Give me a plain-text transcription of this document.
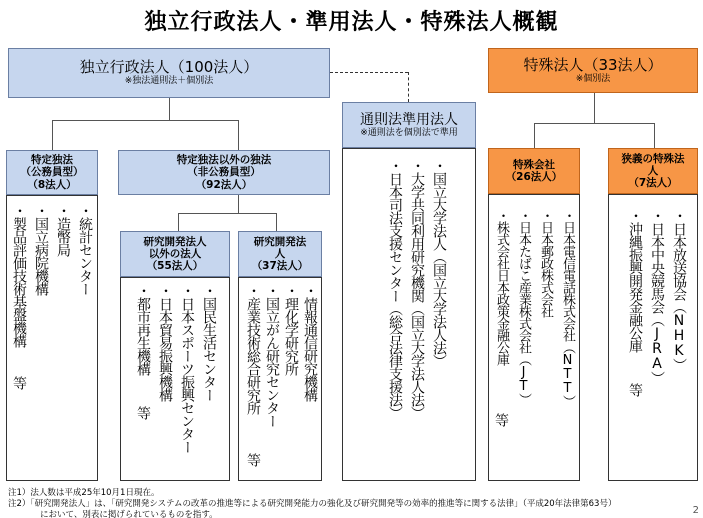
独立行政法人・準用法人・特殊法人概観
独立行政法人（100法人）
※独法通則法＋個別法
特定独法
（公務員型）
（8法人）
・統計センター
・造幣局
・国立病院機構
・製品評価技術基盤機構
等
特定独法以外の独法
（非公務員型）
（92法人）
研究開発法人
以外の法人
（55法人）
・国民生活センター
・日本スポーツ振興センター
・日本貿易振興機構
・都市再生機構
等
研究開発法
人
（37法人）
・情報通信研究機構
・理化学研究所
・国立がん研究センター
・産業技術総合研究所
等
通則法準用法人
※通則法を個別法で準用
・国立大学法人（国立大学法人法）
・大学共同利用研究機関（国立大学法人法）
・日本司法支援センター（総合法律支援法）
特殊法人（33法人）
※個別法
特殊会社
（26法人）
・日本電信電話株式会社（NTT）
・日本郵政株式会社
・日本たばこ産業株式会社（JT）
・株式会社日本政策金融公庫
等
狭義の特殊法
人
（7法人）
・日本放送協会（NHK）
・日本中央競馬会（JRA）
・沖縄振興開発金融公庫
等
注1）法人数は平成25年10月1日現在。
注2）「研究開発法人」は、「研究開発システムの改革の推進等による研究開発能力の強化及び研究開発等の効率的推進等に関する法律」（平成20年法律第63号）
において、別表に掲げられているものを指す。	2
